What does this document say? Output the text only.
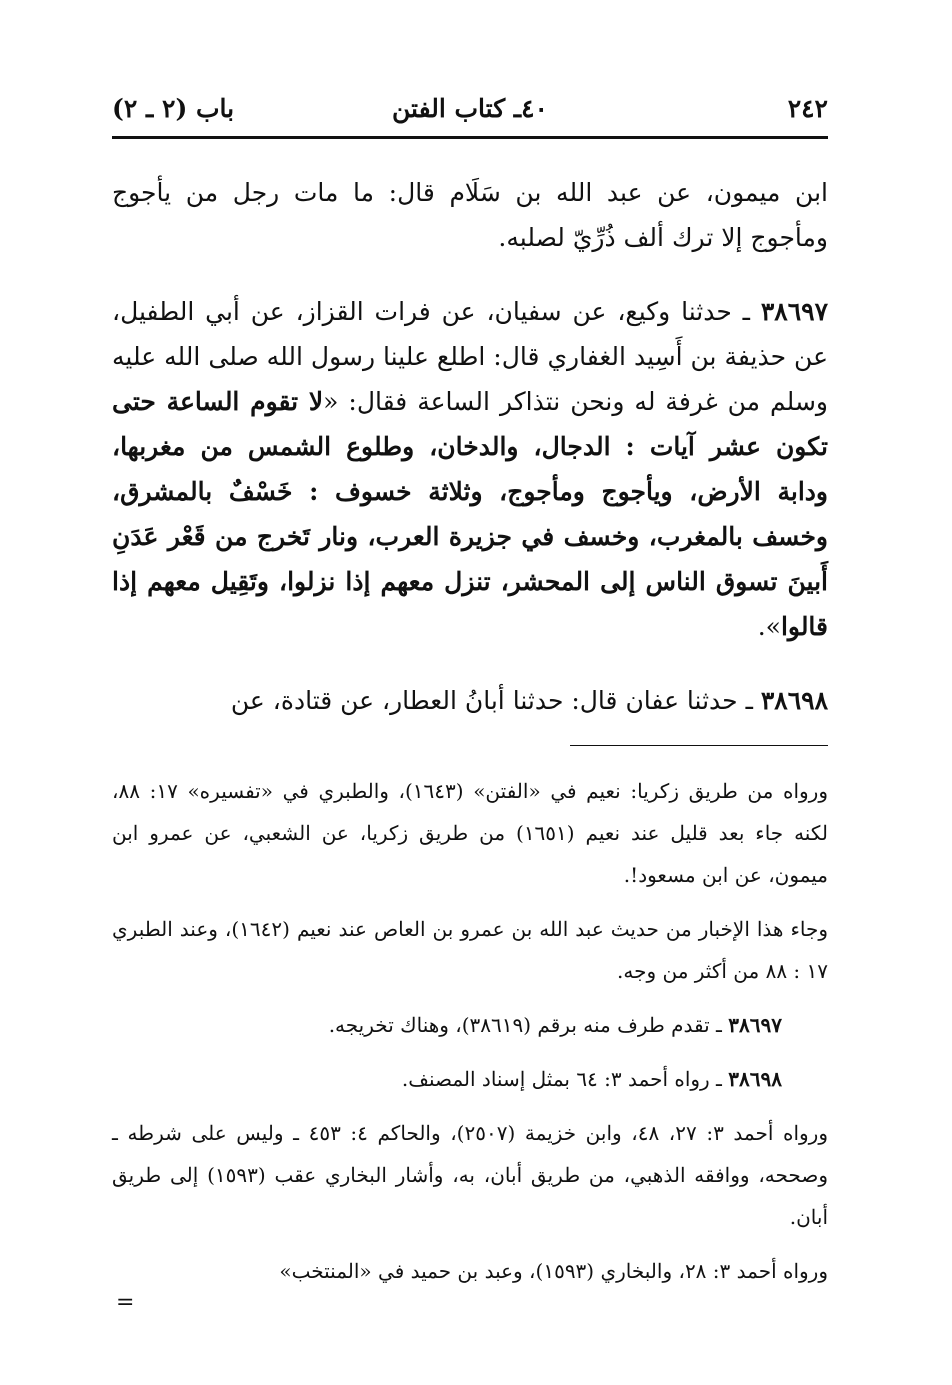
٢٤٢
٤٠ـ كتاب الفتن
باب (٢ ـ ٢)

ابن ميمون، عن عبد الله بن سَلَام قال: ما مات رجل من يأجوج ومأجوج إلا ترك ألف ذُرِّيّ لصلبه.

٣٨٦٩٧ ـ حدثنا وكيع، عن سفيان، عن فرات القزاز، عن أبي الطفيل، عن حذيفة بن أَسِيد الغفاري قال: اطلع علينا رسول الله صلى الله عليه وسلم من غرفة له ونحن نتذاكر الساعة فقال: «لا تقوم الساعة حتى تكون عشر آيات : الدجال، والدخان، وطلوع الشمس من مغربها، ودابة الأرض، ويأجوج ومأجوج، وثلاثة خسوف : خَسْفٌ بالمشرق، وخسف بالمغرب، وخسف في جزيرة العرب، ونار تَخرج من قَعْر عَدَنِ أَبينَ تسوق الناس إلى المحشر، تنزل معهم إذا نزلوا، وتَقِيل معهم إذا قالوا».

٣٨٦٩٨ ـ حدثنا عفان قال: حدثنا أبانُ العطار، عن قتادة، عن

ورواه من طريق زكريا: نعيم في «الفتن» (١٦٤٣)، والطبري في «تفسيره» ١٧: ٨٨، لكنه جاء بعد قليل عند نعيم (١٦٥١) من طريق زكريا، عن الشعبي، عن عمرو ابن ميمون، عن ابن مسعود!.

وجاء هذا الإخبار من حديث عبد الله بن عمرو بن العاص عند نعيم (١٦٤٢)، وعند الطبري ١٧ : ٨٨ من أكثر من وجه.

٣٨٦٩٧ ـ تقدم طرف منه برقم (٣٨٦١٩)، وهناك تخريجه.

٣٨٦٩٨ ـ رواه أحمد ٣: ٦٤ بمثل إسناد المصنف.

ورواه أحمد ٣: ٢٧، ٤٨، وابن خزيمة (٢٥٠٧)، والحاكم ٤: ٤٥٣ ـ وليس على شرطه ـ وصححه، ووافقه الذهبي، من طريق أبان، به، وأشار البخاري عقب (١٥٩٣) إلى طريق أبان.

ورواه أحمد ٣: ٢٨، والبخاري (١٥٩٣)، وعبد بن حميد في «المنتخب»

=
